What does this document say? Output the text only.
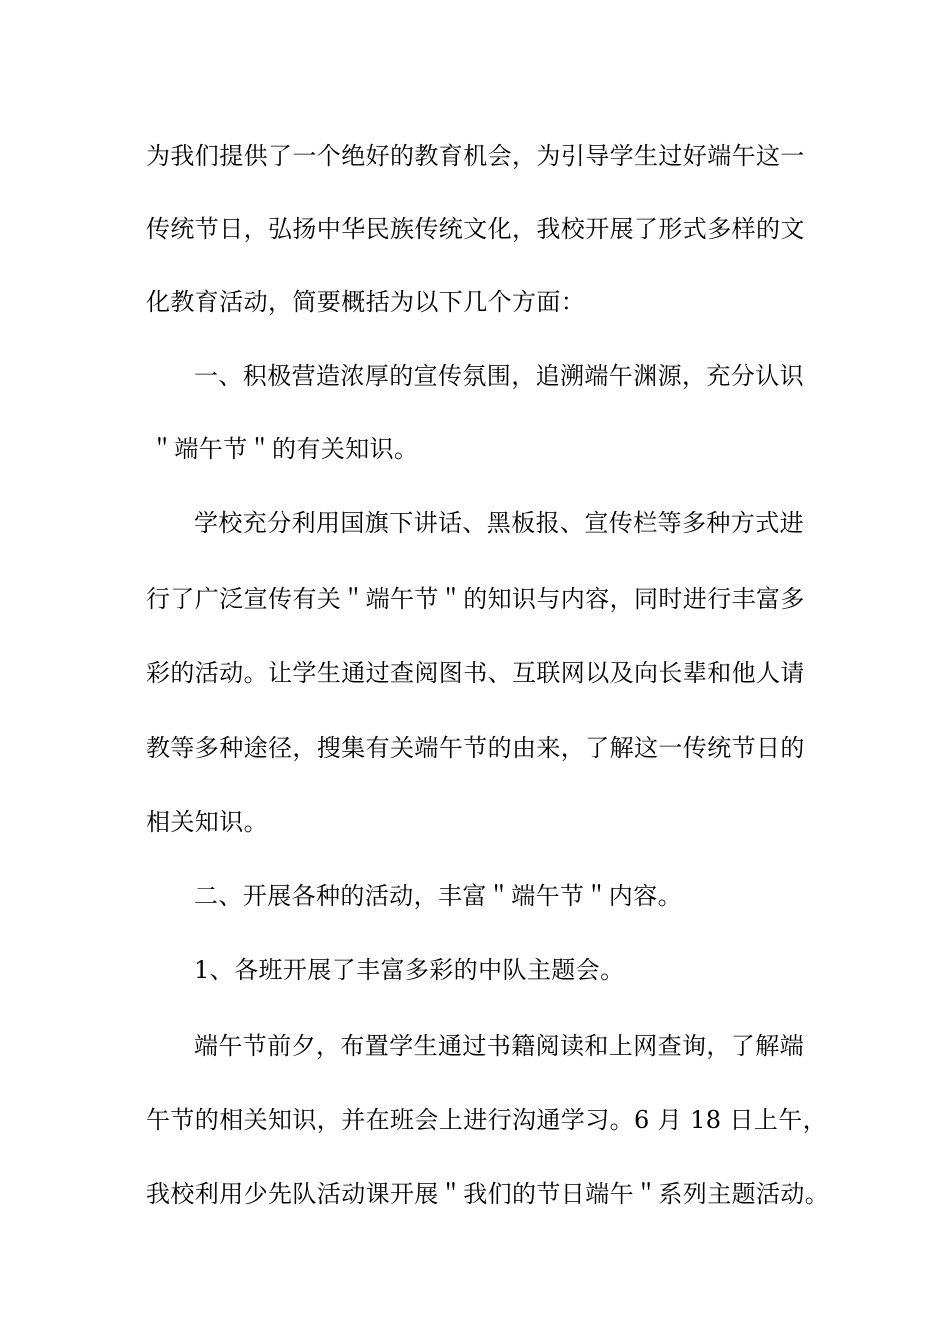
为我们提供了一个绝好的教育机会，为引导学生过好端午这一
传统节日，弘扬中华民族传统文化，我校开展了形式多样的文
化教育活动，简要概括为以下几个方面：
一、积极营造浓厚的宣传氛围，追溯端午渊源，充分认识
＂端午节＂的有关知识。
学校充分利用国旗下讲话、黑板报、宣传栏等多种方式进
行了广泛宣传有关＂端午节＂的知识与内容，同时进行丰富多
彩的活动。让学生通过查阅图书、互联网以及向长辈和他人请
教等多种途径，搜集有关端午节的由来，了解这一传统节日的
相关知识。
二、开展各种的活动，丰富＂端午节＂内容。
1、各班开展了丰富多彩的中队主题会。
端午节前夕，布置学生通过书籍阅读和上网查询，了解端
午节的相关知识，并在班会上进行沟通学习。6 月 18 日上午，
我校利用少先队活动课开展＂我们的节日端午＂系列主题活动。
